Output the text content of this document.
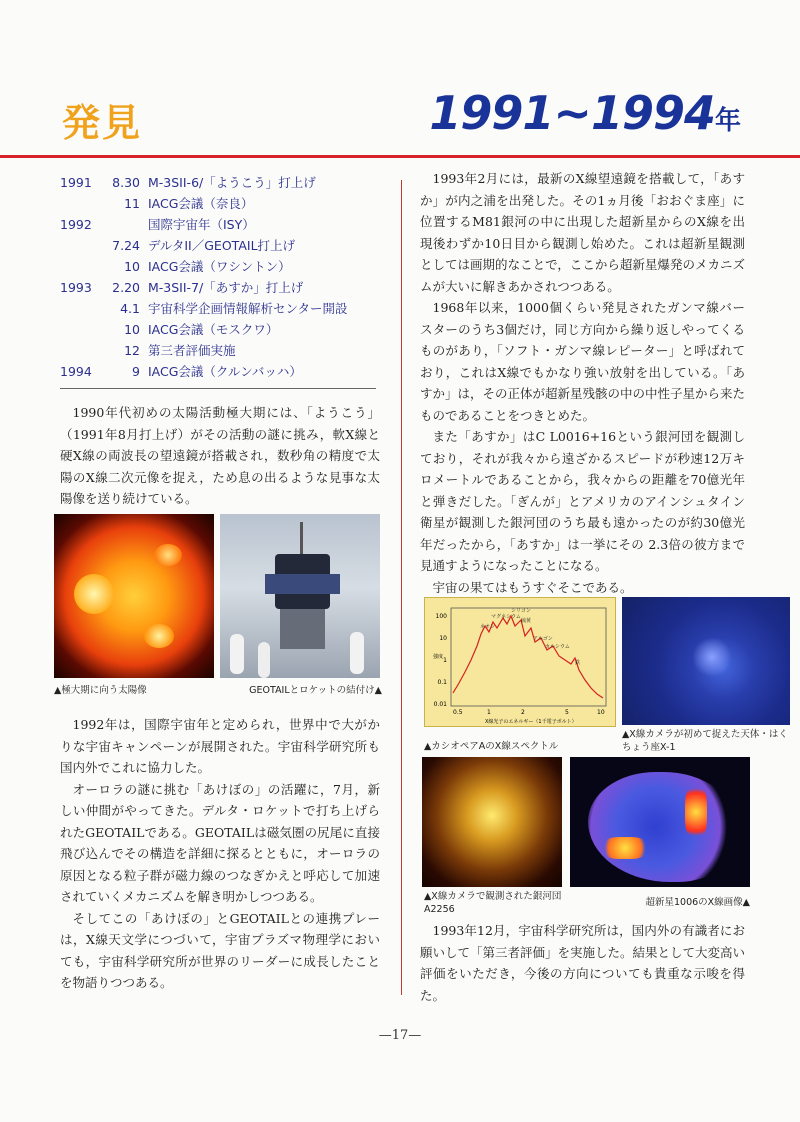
発見	1991~1994年
1991	8.30 M-3SII-6/「ようこう」打上げ
11 IACG会議（奈良）
1992	国際宇宙年（ISY）
7.24 デルタII／GEOTAIL打上げ
10 IACG会議（ワシントン）
1993	2.20 M-3SII-7/「あすか」打上げ
4.1 宇宙科学企画情報解析センター開設
10 IACG会議（モスクワ）
12 第三者評価実施
1994	9 IACG会議（クルンバッハ）

1990年代初めの太陽活動極大期には、「ようこう」（1991年8月打上げ）がその活動の謎に挑み，軟X線と硬X線の両波長の望遠鏡が搭載され，数秒角の精度で太陽のX線二次元像を捉え，ため息の出るような見事な太陽像を送り続けている。

▲極大期に向う太陽像	GEOTAILとロケットの結付け▲

1992年は，国際宇宙年と定められ，世界中で大がかりな宇宙キャンペーンが展開された。宇宙科学研究所も国内外でこれに協力した。

オーロラの謎に挑む「あけぼの」の活躍に，7月，新しい仲間がやってきた。デルタ・ロケットで打ち上げられたGEOTAILである。GEOTAILは磁気圏の尻尾に直接飛び込んでその構造を詳細に探るとともに，オーロラの原因となる粒子群が磁力線のつなぎかえと呼応して加速されていくメカニズムを解き明かしつつある。

そしてこの「あけぼの」とGEOTAILとの連携プレーは，X線天文学につづいて，宇宙プラズマ物理学においても，宇宙科学研究所が世界のリーダーに成長したことを物語りつつある。

1993年2月には，最新のX線望遠鏡を搭載して，「あすか」が内之浦を出発した。その1ヵ月後「おおぐま座」に位置するM81銀河の中に出現した超新星からのX線を出現後わずか10日目から観測し始めた。これは超新星観測としては画期的なことで，ここから超新星爆発のメカニズムが大いに解きあかされつつある。

1968年以来，1000個くらい発見されたガンマ線バースターのうち3個だけ，同じ方向から繰り返しやってくるものがあり，「ソフト・ガンマ線レピーター」と呼ばれており，これはX線でもかなり強い放射を出している。「あすか」は，その正体が超新星残骸の中の中性子星から来たものであることをつきとめた。

また「あすか」はC L0016+16という銀河団を観測しており，それが我々から遠ざかるスピードが秒速12万キロメートルであることから，我々からの距離を70億光年と弾きだした。「ぎんが」とアメリカのアインシュタイン衛星が観測した銀河団のうち最も遠かったのが約30億光年だったから，「あすか」は一挙にその 2.3倍の彼方まで見通すようになったことになる。

宇宙の果てはもうすぐそこである。

100
10
1
0.1
0.01
0.5	1	2	5	10
X線光子のエネルギー（1千電子ボルト）
強度
ネオン
マグネシウム
シリコン
硫黄
アルゴン
カルシウム
鉄
▲カシオペアAのX線スペクトル
▲X線カメラが初めて捉えた天体・はくちょう座X-1
▲X線カメラで観測された銀河団A2256
超新星1006のX線画像▲

1993年12月，宇宙科学研究所は，国内外の有識者にお願いして「第三者評価」を実施した。結果として大変高い評価をいただき，今後の方向についても貴重な示唆を得た。

—17—
